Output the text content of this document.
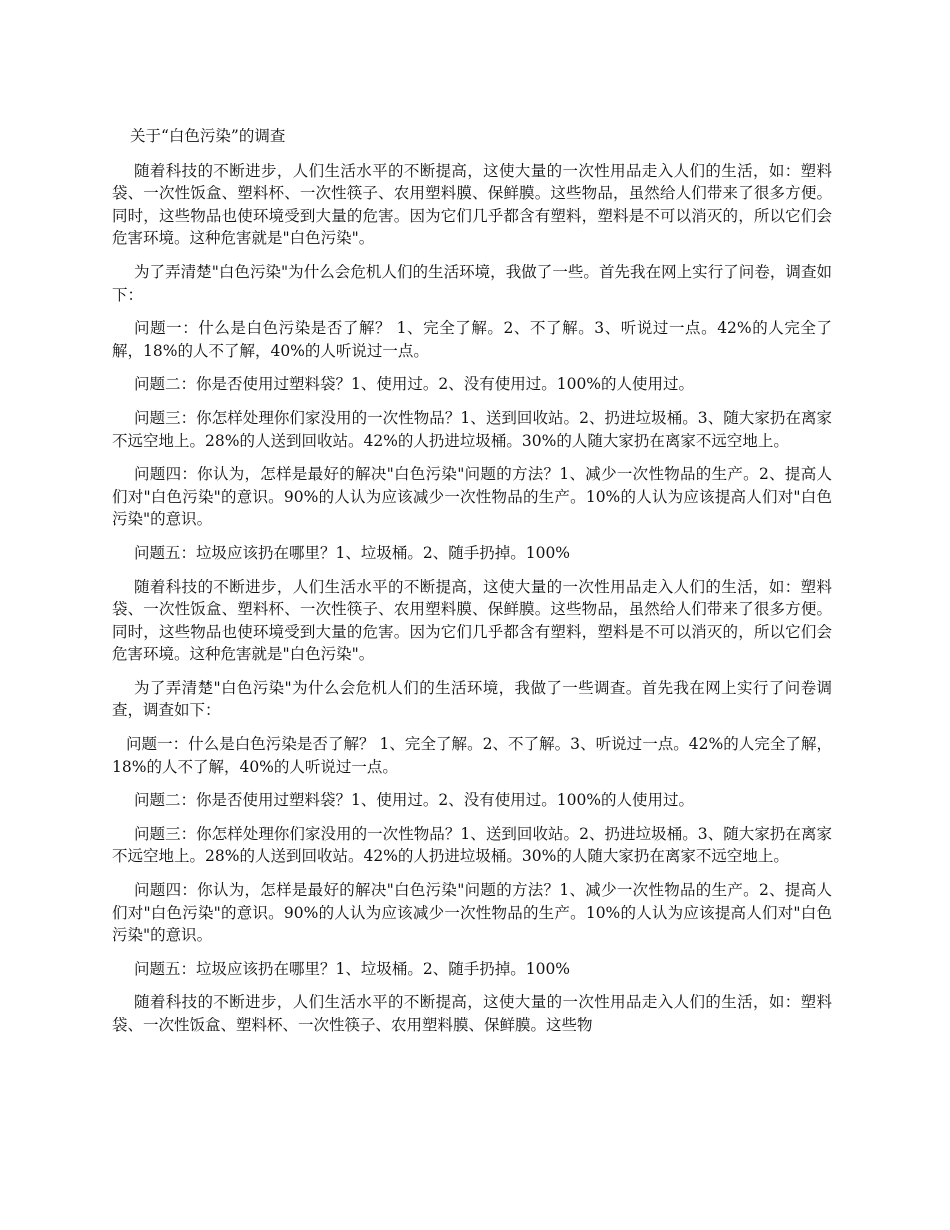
关于“白色污染”的调查

随着科技的不断进步，人们生活水平的不断提高，这使大量的一次性用品走入人们的生活，如：塑料袋、一次性饭盒、塑料杯、一次性筷子、农用塑料膜、保鲜膜。这些物品，虽然给人们带来了很多方便。同时，这些物品也使环境受到大量的危害。因为它们几乎都含有塑料，塑料是不可以消灭的，所以它们会危害环境。这种危害就是"白色污染"。

为了弄清楚"白色污染"为什么会危机人们的生活环境，我做了一些。首先我在网上实行了问卷，调查如下：

问题一：什么是白色污染是否了解？ 1、完全了解。2、不了解。3、听说过一点。42%的人完全了解，18%的人不了解，40%的人听说过一点。

问题二：你是否使用过塑料袋？1、使用过。2、没有使用过。100%的人使用过。

问题三：你怎样处理你们家没用的一次性物品？1、送到回收站。2、扔进垃圾桶。3、随大家扔在离家不远空地上。28%的人送到回收站。42%的人扔进垃圾桶。30%的人随大家扔在离家不远空地上。

问题四：你认为，怎样是最好的解决"白色污染"问题的方法？1、减少一次性物品的生产。2、提高人们对"白色污染"的意识。90%的人认为应该减少一次性物品的生产。10%的人认为应该提高人们对"白色污染"的意识。

问题五：垃圾应该扔在哪里？1、垃圾桶。2、随手扔掉。100%

随着科技的不断进步，人们生活水平的不断提高，这使大量的一次性用品走入人们的生活，如：塑料袋、一次性饭盒、塑料杯、一次性筷子、农用塑料膜、保鲜膜。这些物品，虽然给人们带来了很多方便。同时，这些物品也使环境受到大量的危害。因为它们几乎都含有塑料，塑料是不可以消灭的，所以它们会危害环境。这种危害就是"白色污染"。

为了弄清楚"白色污染"为什么会危机人们的生活环境，我做了一些调查。首先我在网上实行了问卷调查，调查如下：

问题一：什么是白色污染是否了解？ 1、完全了解。2、不了解。3、听说过一点。42%的人完全了解，18%的人不了解，40%的人听说过一点。

问题二：你是否使用过塑料袋？1、使用过。2、没有使用过。100%的人使用过。

问题三：你怎样处理你们家没用的一次性物品？1、送到回收站。2、扔进垃圾桶。3、随大家扔在离家不远空地上。28%的人送到回收站。42%的人扔进垃圾桶。30%的人随大家扔在离家不远空地上。

问题四：你认为，怎样是最好的解决"白色污染"问题的方法？1、减少一次性物品的生产。2、提高人们对"白色污染"的意识。90%的人认为应该减少一次性物品的生产。10%的人认为应该提高人们对"白色污染"的意识。

问题五：垃圾应该扔在哪里？1、垃圾桶。2、随手扔掉。100%

随着科技的不断进步，人们生活水平的不断提高，这使大量的一次性用品走入人们的生活，如：塑料袋、一次性饭盒、塑料杯、一次性筷子、农用塑料膜、保鲜膜。这些物
